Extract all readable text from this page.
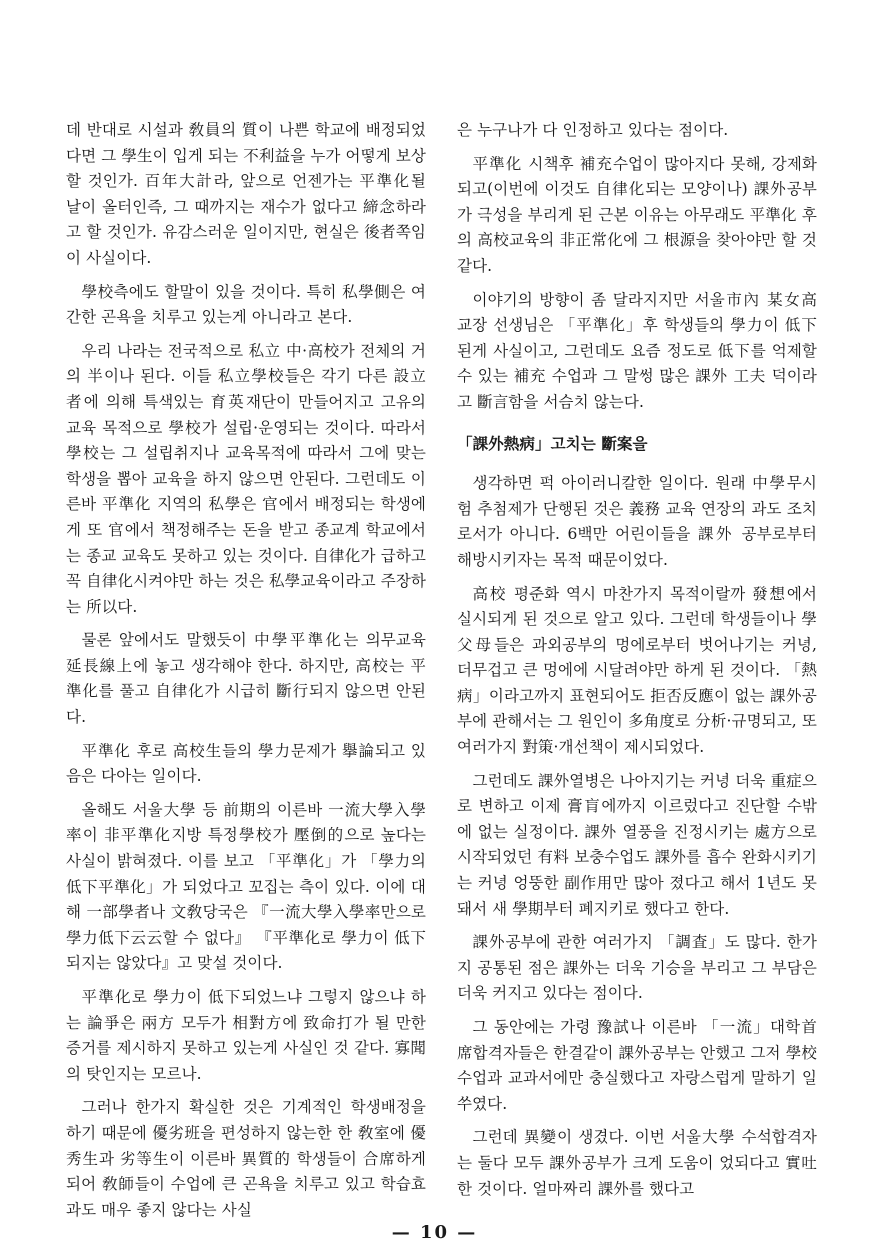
데 반대로 시설과 敎員의 質이 나쁜 학교에 배정되었다면 그 學生이 입게 되는 不利益을 누가 어떻게 보상할 것인가. 百年大計라, 앞으로 언젠가는 平準化될 날이 올터인즉, 그 때까지는 재수가 없다고 締念하라고 할 것인가. 유감스러운 일이지만, 현실은 後者쪽임이 사실이다.

學校측에도 할말이 있을 것이다. 특히 私學側은 여간한 곤욕을 치루고 있는게 아니라고 본다.

우리 나라는 전국적으로 私立 中·高校가 전체의 거의 半이나 된다. 이들 私立學校들은 각기 다른 設立者에 의해 특색있는 育英재단이 만들어지고 고유의 교육 목적으로 學校가 설립·운영되는 것이다. 따라서 學校는 그 설립취지나 교육목적에 따라서 그에 맞는 학생을 뽑아 교육을 하지 않으면 안된다. 그런데도 이른바 平準化 지역의 私學은 官에서 배정되는 학생에게 또 官에서 책정해주는 돈을 받고 종교계 학교에서는 종교 교육도 못하고 있는 것이다. 自律化가 급하고 꼭 自律化시켜야만 하는 것은 私學교육이라고 주장하는 所以다.

물론 앞에서도 말했듯이 中學平準化는 의무교육 延長線上에 놓고 생각해야 한다. 하지만, 高校는 平準化를 풀고 自律化가 시급히 斷行되지 않으면 안된다.

平準化 후로 高校生들의 學力문제가 擧論되고 있음은 다아는 일이다.

올해도 서울大學 등 前期의 이른바 一流大學入學率이 非平準化지방 특정學校가 壓倒的으로 높다는 사실이 밝혀졌다. 이를 보고 「平準化」가 「學力의 低下平準化」가 되었다고 꼬집는 측이 있다. 이에 대해 一部學者나 文敎당국은 『一流大學入學率만으로 學力低下云云할 수 없다』 『平準化로 學力이 低下되지는 않았다』고 맞설 것이다.

平準化로 學力이 低下되었느냐 그렇지 않으냐 하는 論爭은 兩方 모두가 相對方에 致命打가 될 만한 증거를 제시하지 못하고 있는게 사실인 것 같다. 寡聞의 탓인지는 모르나.

그러나 한가지 확실한 것은 기계적인 학생배정을 하기 때문에 優劣班을 편성하지 않는한 한 敎室에 優秀生과 劣等生이 이른바 異質的 학생들이 合席하게 되어 敎師들이 수업에 큰 곤욕을 치루고 있고 학습효과도 매우 좋지 않다는 사실

은 누구나가 다 인정하고 있다는 점이다.

平準化 시책후 補充수업이 많아지다 못해, 강제화되고(이번에 이것도 自律化되는 모양이나) 課外공부가 극성을 부리게 된 근본 이유는 아무래도 平準化 후의 高校교육의 非正常化에 그 根源을 찾아야만 할 것 같다.

이야기의 방향이 좀 달라지지만 서울市內 某女高 교장 선생님은 「平準化」후 학생들의 學力이 低下된게 사실이고, 그런데도 요즘 정도로 低下를 억제할 수 있는 補充 수업과 그 말썽 많은 課外 工夫 덕이라고 斷言함을 서슴치 않는다.

「課外熱病」고치는 斷案을

생각하면 퍽 아이러니칼한 일이다. 원래 中學무시험 추첨제가 단행된 것은 義務 교육 연장의 과도 조치로서가 아니다. 6백만 어린이들을 課外 공부로부터 해방시키자는 목적 때문이었다.

高校 평준화 역시 마찬가지 목적이랄까 發想에서 실시되게 된 것으로 알고 있다. 그런데 학생들이나 學父母들은 과외공부의 멍에로부터 벗어나기는 커녕, 더무겁고 큰 멍에에 시달려야만 하게 된 것이다. 「熱病」이라고까지 표현되어도 拒否反應이 없는 課外공부에 관해서는 그 원인이 多角度로 分析·규명되고, 또 여러가지 對策·개선책이 제시되었다.

그런데도 課外열병은 나아지기는 커녕 더욱 重症으로 변하고 이제 膏肓에까지 이르렀다고 진단할 수밖에 없는 실정이다. 課外 열풍을 진정시키는 處方으로 시작되었던 有料 보충수업도 課外를 흡수 완화시키기는 커녕 엉뚱한 副作用만 많아 졌다고 해서 1년도 못돼서 새 學期부터 폐지키로 했다고 한다.

課外공부에 관한 여러가지 「調査」도 많다. 한가지 공통된 점은 課外는 더욱 기승을 부리고 그 부담은 더욱 커지고 있다는 점이다.

그 동안에는 가령 豫試나 이른바 「一流」대학首席합격자들은 한결같이 課外공부는 안했고 그저 學校수업과 교과서에만 충실했다고 자랑스럽게 말하기 일쑤였다.

그런데 異變이 생겼다. 이번 서울大學 수석합격자는 둘다 모두 課外공부가 크게 도움이 었되다고 實吐한 것이다. 얼마짜리 課外를 했다고

— 10 —
